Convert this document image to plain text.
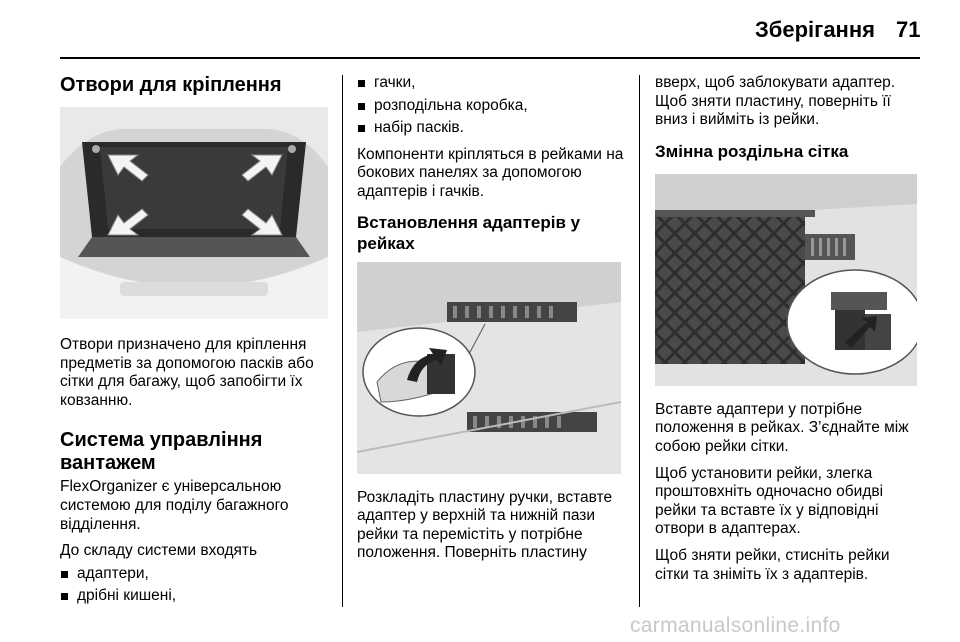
Зберігання 71
Отвори для кріплення

Отвори призначено для кріплення предметів за допомогою пасків або сітки для багажу, щоб запобігти їх ковзанню.

Система управління вантажем

FlexOrganizer є універсальною системою для поділу багажного відділення.

До складу системи входять

адаптери,
дрібні кишені,
гачки,
розподільна коробка,
набір пасків.

Компоненти кріпляться в рейками на бокових панелях за допомогою адаптерів і гачків.

Встановлення адаптерів у рейках

Розкладіть пластину ручки, вставте адаптер у верхній та нижній пази рейки та перемістіть у потрібне положення. Поверніть пластину

вверх, щоб заблокувати адаптер. Щоб зняти пластину, поверніть її вниз і вийміть із рейки.

Змінна роздільна сітка

Вставте адаптери у потрібне положення в рейках. З’єднайте між собою рейки сітки.

Щоб установити рейки, злегка проштовхніть одночасно обидві рейки та вставте їх у відповідні отвори в адаптерах.

Щоб зняти рейки, стисніть рейки сітки та зніміть їх з адаптерів.

carmanualsonline.info
